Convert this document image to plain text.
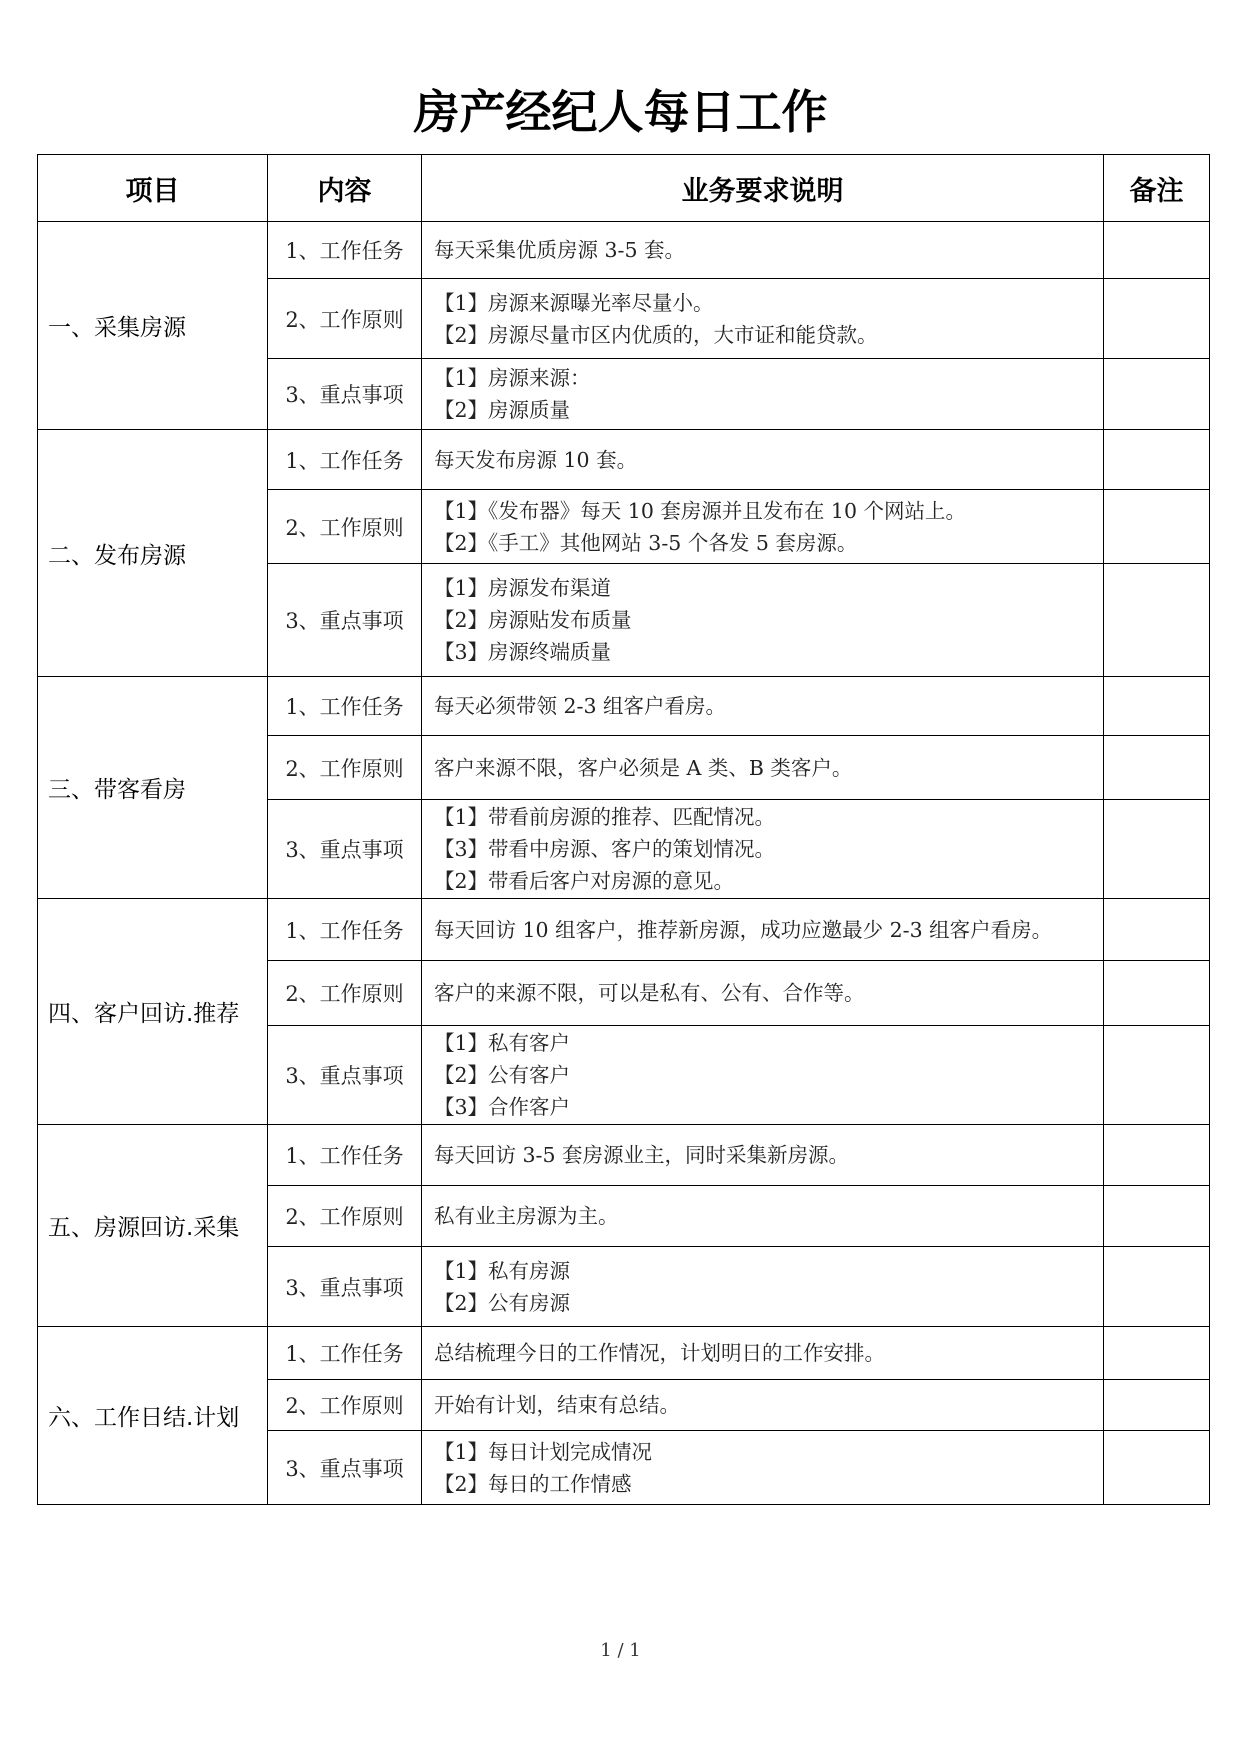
房产经纪人每日工作
项目	内容	业务要求说明	备注
一、采集房源	1、工作任务	每天采集优质房源 3-5 套。	

	2、工作原则	【1】房源来源曝光率尽量小。
【2】房源尽量市区内优质的，大市证和能贷款。	

	3、重点事项	【1】房源来源：
【2】房源质量	

二、发布房源	1、工作任务	每天发布房源 10 套。	

	2、工作原则	【1】《发布器》每天 10 套房源并且发布在 10 个网站上。
【2】《手工》其他网站 3-5 个各发 5 套房源。	

	3、重点事项	【1】房源发布渠道
【2】房源贴发布质量
【3】房源终端质量	

三、带客看房	1、工作任务	每天必须带领 2-3 组客户看房。	

	2、工作原则	客户来源不限，客户必须是 A 类、B 类客户。	

	3、重点事项	【1】带看前房源的推荐、匹配情况。
【3】带看中房源、客户的策划情况。
【2】带看后客户对房源的意见。	

四、客户回访.推荐	1、工作任务	每天回访 10 组客户，推荐新房源，成功应邀最少 2-3 组客户看房。	

	2、工作原则	客户的来源不限，可以是私有、公有、合作等。	

	3、重点事项	【1】私有客户
【2】公有客户
【3】合作客户	

五、房源回访.采集	1、工作任务	每天回访 3-5 套房源业主，同时采集新房源。	

	2、工作原则	私有业主房源为主。	

	3、重点事项	【1】私有房源
【2】公有房源	

六、工作日结.计划	1、工作任务	总结梳理今日的工作情况，计划明日的工作安排。	

	2、工作原则	开始有计划，结束有总结。	

	3、重点事项	【1】每日计划完成情况
【2】每日的工作情感	

1 / 1
